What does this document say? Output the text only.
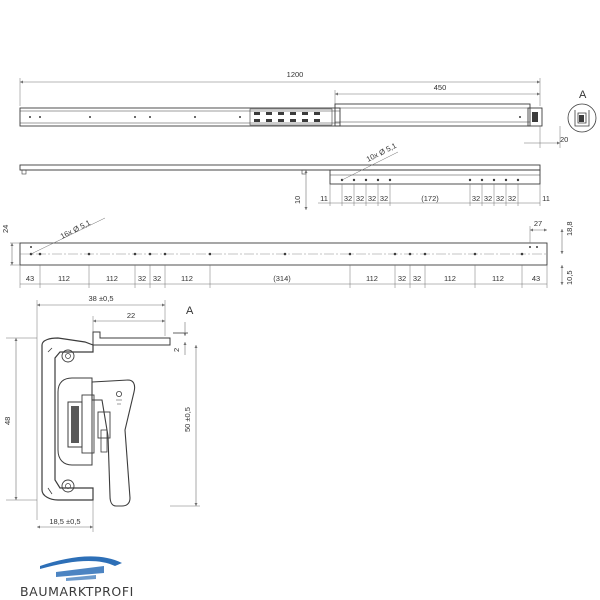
1200
450
20
A
10x Ø 5,1
10 11 32 32 32 32	(172)	32 32 32 32	11
16x Ø 5,1
24
27	18,8
10,5
43	112	112	32 32	112	(314)	112	32 32	112	112	43
38 ±0,5
22	A
2
48	50 ±0,5
18,5 ±0,5
BAUMARKTPROFI
